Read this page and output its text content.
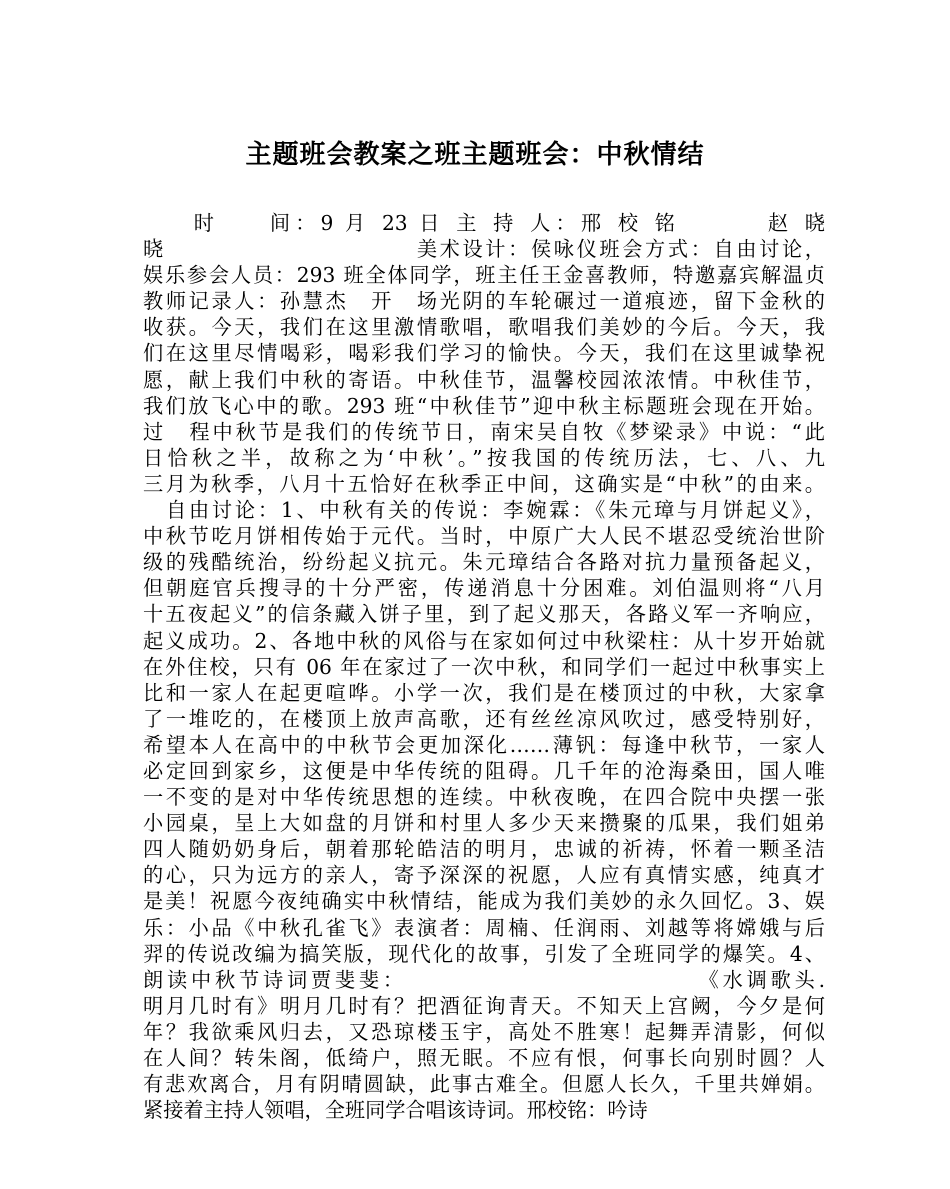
主题班会教案之班主题班会：中秋情结
　　时　　间：9 月 23 日 主 持 人：邢 校 铭　　　 赵 晓
晓　　　　　　　　　　　美术设计：侯咏仪班会方式：自由讨论，
娱乐参会人员：293 班全体同学，班主任王金喜教师，特邀嘉宾解温贞
教师记录人：孙慧杰　开　场光阴的车轮碾过一道痕迹，留下金秋的
收获。今天，我们在这里激情歌唱，歌唱我们美妙的今后。今天，我
们在这里尽情喝彩，喝彩我们学习的愉快。今天，我们在这里诚挚祝
愿，献上我们中秋的寄语。中秋佳节，温馨校园浓浓情。中秋佳节，
我们放飞心中的歌。293 班“中秋佳节”迎中秋主标题班会现在开始。
过　程中秋节是我们的传统节日，南宋吴自牧《梦梁录》中说：“此
日恰秋之半，故称之为‘中秋’。”按我国的传统历法，七、八、九
三月为秋季，八月十五恰好在秋季正中间，这确实是“中秋”的由来。
　自由讨论：1、中秋有关的传说：李婉霖：《朱元璋与月饼起义》，
中秋节吃月饼相传始于元代。当时，中原广大人民不堪忍受统治世阶
级的残酷统治，纷纷起义抗元。朱元璋结合各路对抗力量预备起义，
但朝庭官兵搜寻的十分严密，传递消息十分困难。刘伯温则将“八月
十五夜起义”的信条藏入饼子里，到了起义那天，各路义军一齐响应，
起义成功。2、各地中秋的风俗与在家如何过中秋梁柱：从十岁开始就
在外住校，只有 06 年在家过了一次中秋，和同学们一起过中秋事实上
比和一家人在起更喧哗。小学一次，我们是在楼顶过的中秋，大家拿
了一堆吃的，在楼顶上放声高歌，还有丝丝凉风吹过，感受特别好，
希望本人在高中的中秋节会更加深化……薄钒：每逢中秋节，一家人
必定回到家乡，这便是中华传统的阻碍。几千年的沧海桑田，国人唯
一不变的是对中华传统思想的连续。中秋夜晚，在四合院中央摆一张
小园桌，呈上大如盘的月饼和村里人多少天来攒聚的瓜果，我们姐弟
四人随奶奶身后，朝着那轮皓洁的明月，忠诚的祈祷，怀着一颗圣洁
的心，只为远方的亲人，寄予深深的祝愿，人应有真情实感，纯真才
是美！祝愿今夜纯确实中秋情结，能成为我们美妙的永久回忆。3、娱
乐：小品《中秋孔雀飞》表演者：周楠、任润雨、刘越等将嫦娥与后
羿的传说改编为搞笑版，现代化的故事，引发了全班同学的爆笑。4、
朗读中秋节诗词贾斐斐：　　　　　　　　　　　　　《水调歌头.
明月几时有》明月几时有？把酒征询青天。不知天上宫阙，今夕是何
年？我欲乘风归去，又恐琼楼玉宇，高处不胜寒！起舞弄清影，何似
在人间？转朱阁，低绮户，照无眠。不应有恨，何事长向别时圆？人
有悲欢离合，月有阴晴圆缺，此事古难全。但愿人长久，千里共婵娟。
紧接着主持人领唱，全班同学合唱该诗词。邢校铭：吟诗
